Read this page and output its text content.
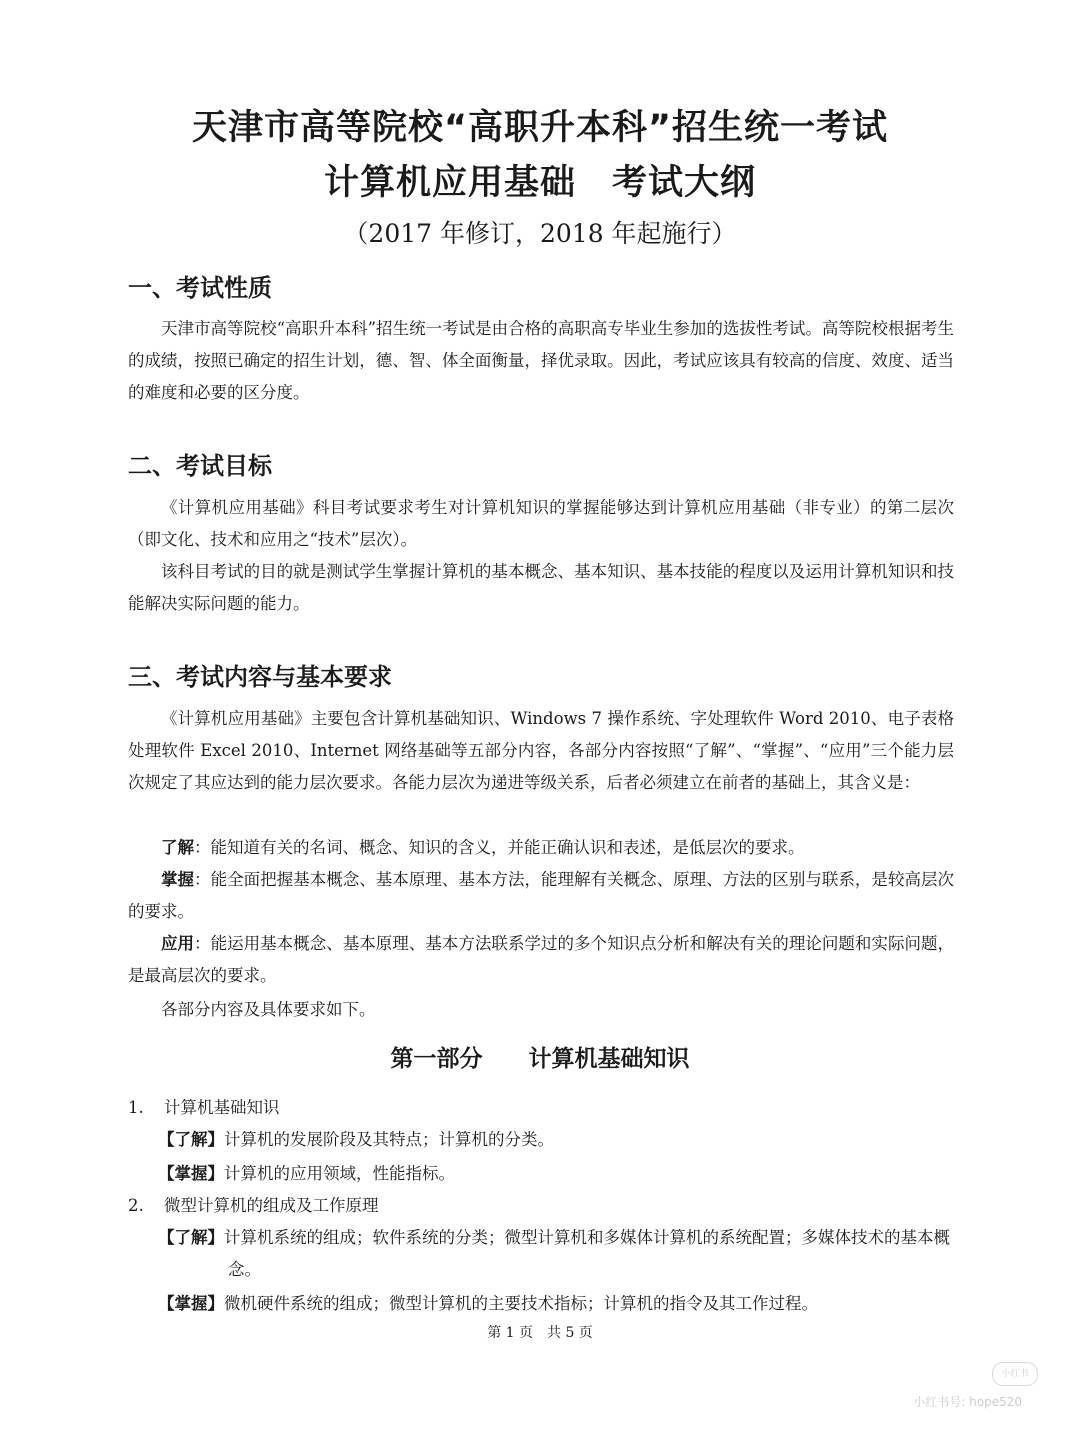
天津市高等院校“高职升本科”招生统一考试
计算机应用基础　考试大纲
（2017 年修订，2018 年起施行）
一、考试性质
天津市高等院校“高职升本科”招生统一考试是由合格的高职高专毕业生参加的选拔性考试。高等院校根据考生的成绩，按照已确定的招生计划，德、智、体全面衡量，择优录取。因此，考试应该具有较高的信度、效度、适当的难度和必要的区分度。
二、考试目标
《计算机应用基础》科目考试要求考生对计算机知识的掌握能够达到计算机应用基础（非专业）的第二层次（即文化、技术和应用之“技术”层次）。
该科目考试的目的就是测试学生掌握计算机的基本概念、基本知识、基本技能的程度以及运用计算机知识和技能解决实际问题的能力。
三、考试内容与基本要求
《计算机应用基础》主要包含计算机基础知识、Windows 7 操作系统、字处理软件 Word 2010、电子表格处理软件 Excel 2010、Internet 网络基础等五部分内容，各部分内容按照“了解”、“掌握”、“应用”三个能力层次规定了其应达到的能力层次要求。各能力层次为递进等级关系，后者必须建立在前者的基础上，其含义是：
了解：能知道有关的名词、概念、知识的含义，并能正确认识和表述，是低层次的要求。
掌握：能全面把握基本概念、基本原理、基本方法，能理解有关概念、原理、方法的区别与联系，是较高层次的要求。
应用：能运用基本概念、基本原理、基本方法联系学过的多个知识点分析和解决有关的理论问题和实际问题，是最高层次的要求。
各部分内容及具体要求如下。
第一部分　　计算机基础知识
1. 计算机基础知识
【了解】计算机的发展阶段及其特点；计算机的分类。
【掌握】计算机的应用领域，性能指标。
2. 微型计算机的组成及工作原理
【了解】计算机系统的组成；软件系统的分类；微型计算机和多媒体计算机的系统配置；多媒体技术的基本概念。
【掌握】微机硬件系统的组成；微型计算机的主要技术指标；计算机的指令及其工作过程。
第 1 页　共 5 页
小红书
小红书号: hope520
